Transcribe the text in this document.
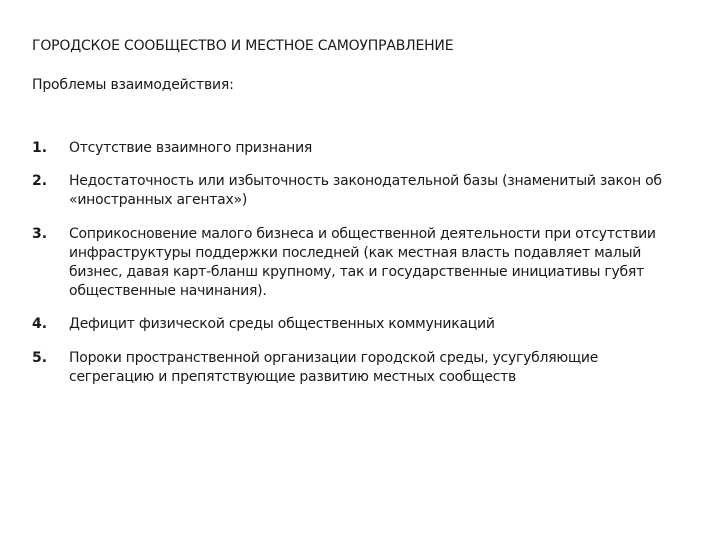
ГОРОДСКОЕ СООБЩЕСТВО И МЕСТНОЕ САМОУПРАВЛЕНИЕ
Проблемы взаимодействия:
1.	Отсутствие взаимного признания
2.	Недостаточность или избыточность законодательной базы (знаменитый закон об «иностранных агентах»)
3.	Соприкосновение малого бизнеса и общественной деятельности при отсутствии инфраструктуры поддержки последней (как местная власть подавляет малый бизнес, давая карт-бланш крупному, так и государственные инициативы губят общественные начинания).
4.	Дефицит физической среды общественных коммуникаций
5.	Пороки пространственной организации городской среды, усугубляющие сегрегацию и препятствующие развитию местных сообществ
